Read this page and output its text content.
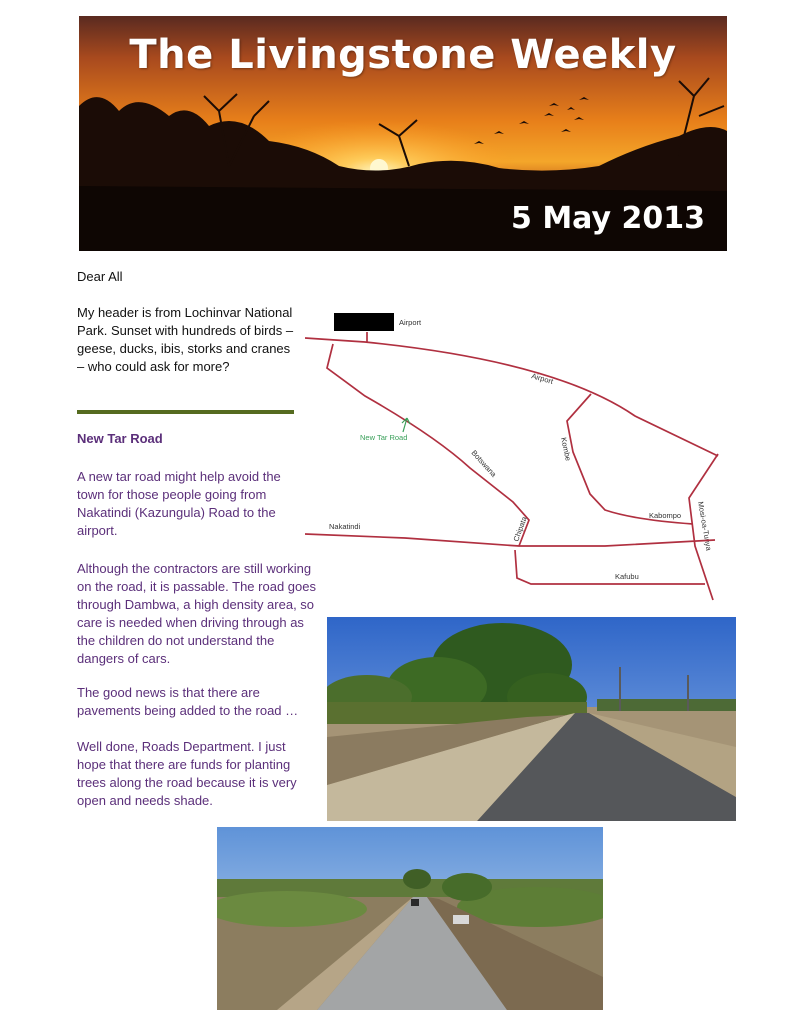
The Livingstone Weekly
5 May 2013
Dear All
My header is from Lochinvar National Park. Sunset with hundreds of birds – geese, ducks, ibis, storks and cranes – who could ask for more?
New Tar Road
A new tar road might help avoid the town for those people going from Nakatindi (Kazungula) Road to the airport.
Although the contractors are still working on the road, it is passable. The road goes through Dambwa, a high density area, so care is needed when driving through as the children do not understand the dangers of cars.
The good news is that there are pavements being added to the road …
Well done, Roads Department. I just hope that there are funds for planting trees along the road because it is very open and needs shade.
Airport
Airport
Botswana
New Tar Road	Kombe
Kabompo Mosi-oa-Tunya
Nakatindi	Chipata
Kafubu
